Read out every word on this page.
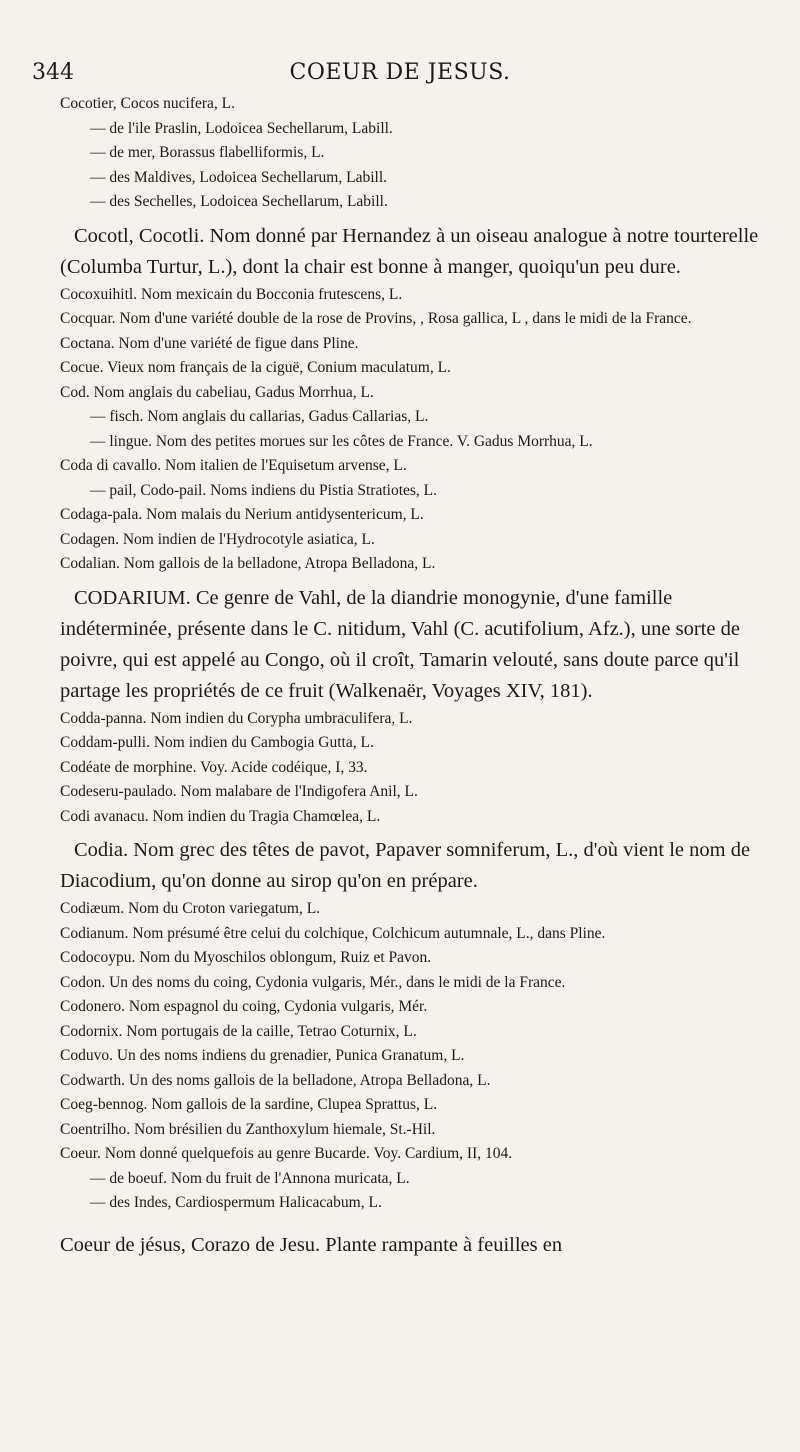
344	COEUR DE JESUS.
Cocotier, Cocos nucifera, L.
— de l'ile Praslin, Lodoicea Sechellarum, Labill.
— de mer, Borassus flabelliformis, L.
— des Maldives, Lodoicea Sechellarum, Labill.
— des Sechelles, Lodoicea Sechellarum, Labill.
Cocotl, Cocotli. Nom donné par Hernandez à un oiseau analogue à notre tourterelle (Columba Turtur, L.), dont la chair est bonne à manger, quoiqu'un peu dure.
Cocoxuihitl. Nom mexicain du Bocconia frutescens, L.
Cocquar. Nom d'une variété double de la rose de Provins, , Rosa gallica, L , dans le midi de la France.
Coctana. Nom d'une variété de figue dans Pline.
Cocue. Vieux nom français de la ciguë, Conium maculatum, L.
Cod. Nom anglais du cabeliau, Gadus Morrhua, L.
— fisch. Nom anglais du callarias, Gadus Callarias, L.
— lingue. Nom des petites morues sur les côtes de France. V. Gadus Morrhua, L.
Coda di cavallo. Nom italien de l'Equisetum arvense, L.
— pail, Codo-pail. Noms indiens du Pistia Stratiotes, L.
Codaga-pala. Nom malais du Nerium antidysentericum, L.
Codagen. Nom indien de l'Hydrocotyle asiatica, L.
Codalian. Nom gallois de la belladone, Atropa Belladona, L.
CODARIUM. Ce genre de Vahl, de la diandrie monogynie, d'une famille indéterminée, présente dans le C. nitidum, Vahl (C. acutifolium, Afz.), une sorte de poivre, qui est appelé au Congo, où il croît, Tamarin velouté, sans doute parce qu'il partage les propriétés de ce fruit (Walkenaër, Voyages XIV, 181).
Codda-panna. Nom indien du Corypha umbraculifera, L.
Coddam-pulli. Nom indien du Cambogia Gutta, L.
Codéate de morphine. Voy. Acide codéique, I, 33.
Codeseru-paulado. Nom malabare de l'Indigofera Anil, L.
Codi avanacu. Nom indien du Tragia Chamœlea, L.
Codia. Nom grec des têtes de pavot, Papaver somniferum, L., d'où vient le nom de Diacodium, qu'on donne au sirop qu'on en prépare.
Codiæum. Nom du Croton variegatum, L.
Codianum. Nom présumé être celui du colchique, Colchicum autumnale, L., dans Pline.
Codocoypu. Nom du Myoschilos oblongum, Ruiz et Pavon.
Codon. Un des noms du coing, Cydonia vulgaris, Mér., dans le midi de la France.
Codonero. Nom espagnol du coing, Cydonia vulgaris, Mér.
Codornix. Nom portugais de la caille, Tetrao Coturnix, L.
Coduvo. Un des noms indiens du grenadier, Punica Granatum, L.
Codwarth. Un des noms gallois de la belladone, Atropa Belladona, L.
Coeg-bennog. Nom gallois de la sardine, Clupea Sprattus, L.
Coentrilho. Nom brésilien du Zanthoxylum hiemale, St.-Hil.
Coeur. Nom donné quelquefois au genre Bucarde. Voy. Cardium, II, 104.
— de boeuf. Nom du fruit de l'Annona muricata, L.
— des Indes, Cardiospermum Halicacabum, L.
Coeur de jésus, Corazo de Jesu. Plante rampante à feuilles en
